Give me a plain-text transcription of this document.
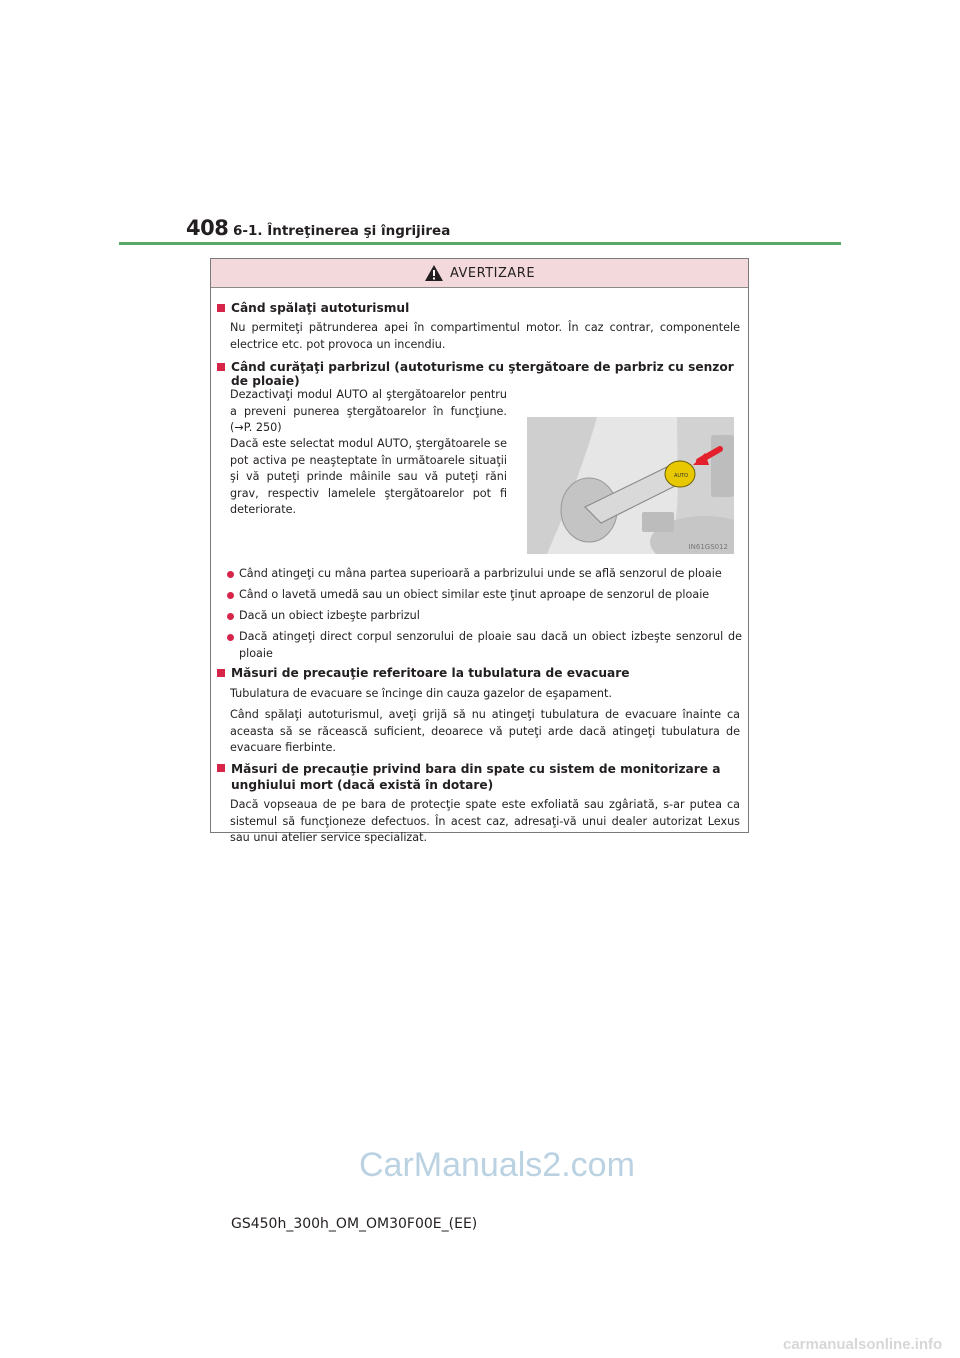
408 6-1. Întreţinerea şi îngrijirea
AVERTIZARE
Când spălaţi autoturismul
Nu permiteţi pătrunderea apei în compartimentul motor. În caz contrar, componentele electrice etc. pot provoca un incendiu.
Când curăţaţi parbrizul (autoturisme cu ştergătoare de parbriz cu senzor de ploaie)
Dezactivaţi modul AUTO al ştergătoarelor pentru a preveni punerea ştergătoarelor în funcţiune. (→P. 250)
Dacă este selectat modul AUTO, ştergătoarele se pot activa pe neaşteptate în următoarele situaţii şi vă puteţi prinde mâinile sau vă puteţi răni grav, respectiv lamelele ştergătoarelor pot fi deteriorate.
AUTO
IN61GS012
Când atingeţi cu mâna partea superioară a parbrizului unde se află senzorul de ploaie
Când o lavetă umedă sau un obiect similar este ţinut aproape de senzorul de ploaie
Dacă un obiect izbeşte parbrizul
Dacă atingeţi direct corpul senzorului de ploaie sau dacă un obiect izbeşte senzorul de ploaie
Măsuri de precauţie referitoare la tubulatura de evacuare
Tubulatura de evacuare se încinge din cauza gazelor de eşapament.
Când spălaţi autoturismul, aveţi grijă să nu atingeţi tubulatura de evacuare înainte ca aceasta să se răcească suficient, deoarece vă puteţi arde dacă atingeţi tubulatura de evacuare fierbinte.
Măsuri de precauţie privind bara din spate cu sistem de monitorizare a unghiului mort (dacă există în dotare)
Dacă vopseaua de pe bara de protecţie spate este exfoliată sau zgâriată, s-ar putea ca sistemul să funcţioneze defectuos. În acest caz, adresaţi-vă unui dealer autorizat Lexus sau unui atelier service specializat.
CarManuals2.com
GS450h_300h_OM_OM30F00E_(EE)
carmanualsonline.info
